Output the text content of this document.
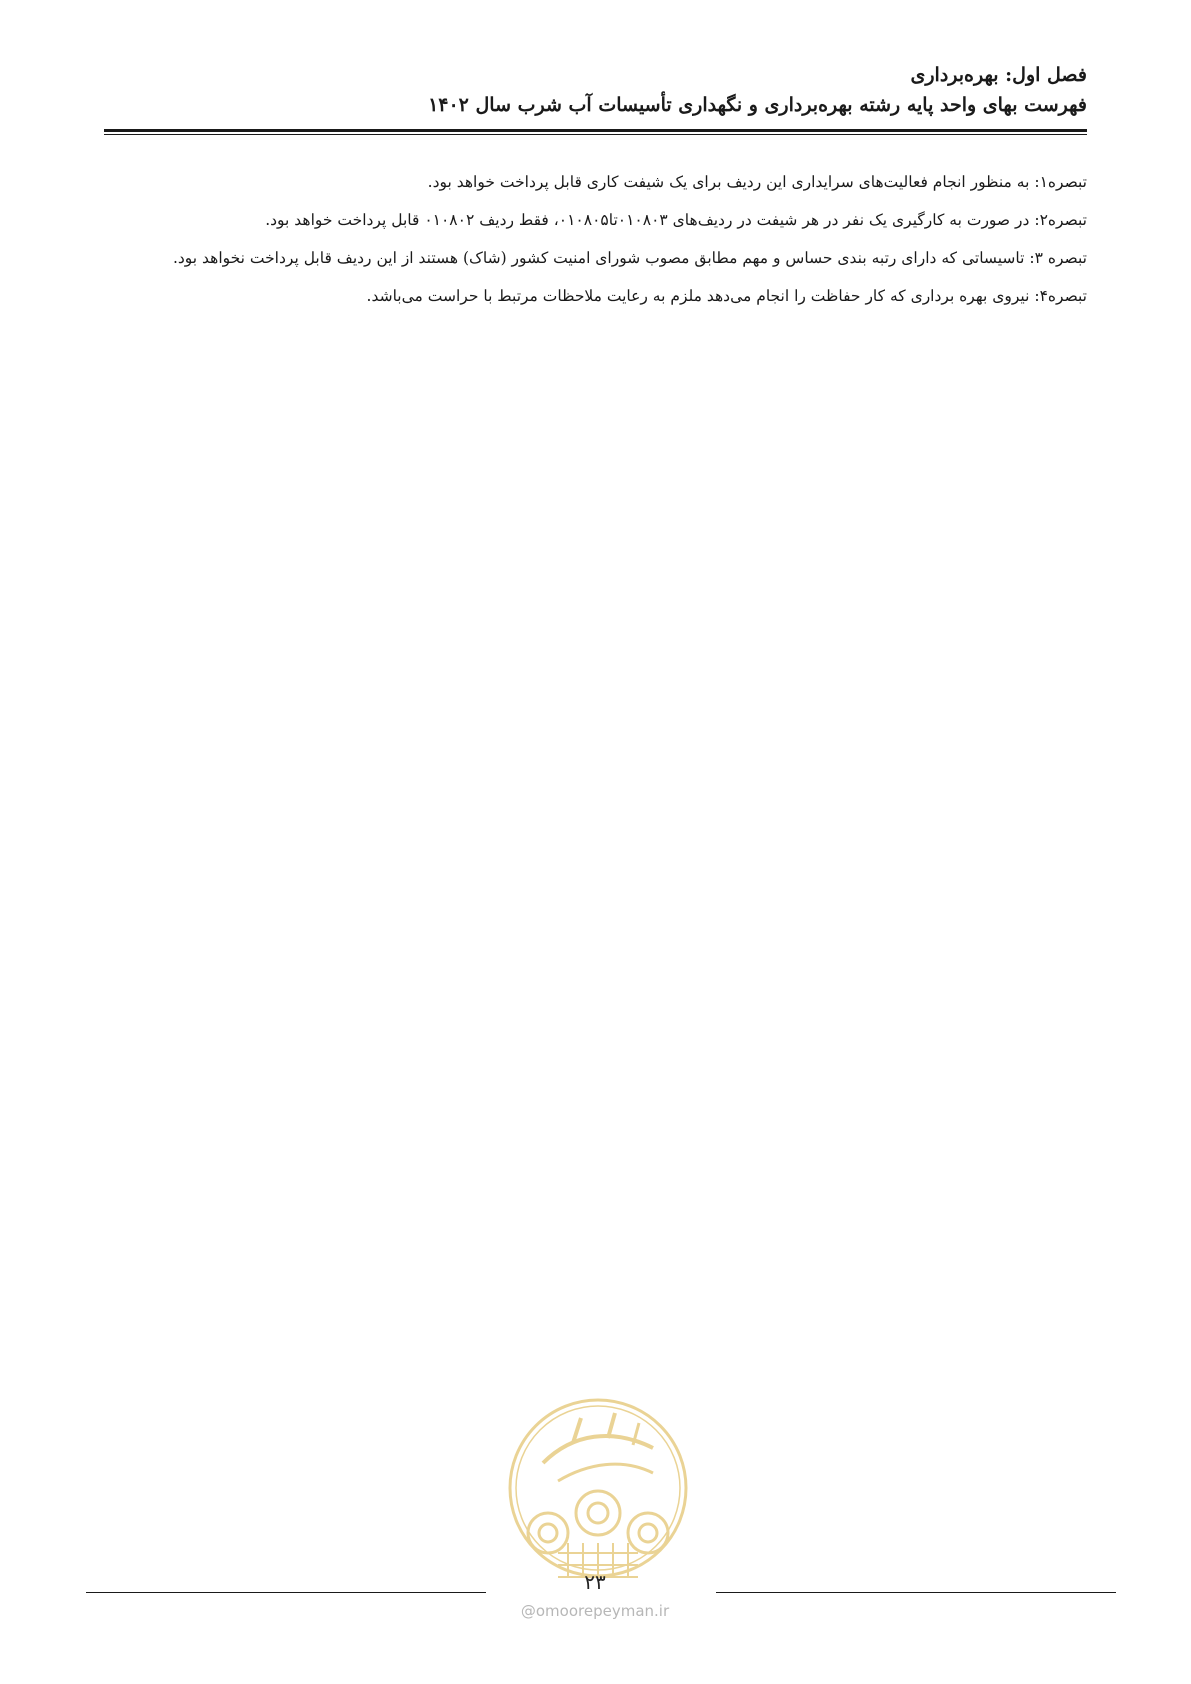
فصل اول: بهره‌برداری

فهرست بهای واحد پایه رشته بهره‌برداری و نگهداری تأسیسات آب شرب سال ۱۴۰۲

تبصره۱: به منظور انجام فعالیت‌های سرایداری این ردیف برای یک شیفت کاری قابل پرداخت خواهد بود.

تبصره۲: در صورت به کارگیری یک نفر در هر شیفت در ردیف‌های ۰۱۰۸۰۳تا۰۱۰۸۰۵، فقط ردیف ۰۱۰۸۰۲ قابل پرداخت خواهد بود.

تبصره ۳: تاسیساتی که دارای رتبه بندی حساس و مهم مطابق مصوب شورای امنیت کشور (شاک) هستند از این ردیف قابل پرداخت نخواهد بود.

تبصره۴: نیروی بهره برداری که کار حفاظت را انجام می‌دهد ملزم به رعایت ملاحظات مرتبط با حراست می‌باشد.

۲۳
@omoorepeyman.ir
